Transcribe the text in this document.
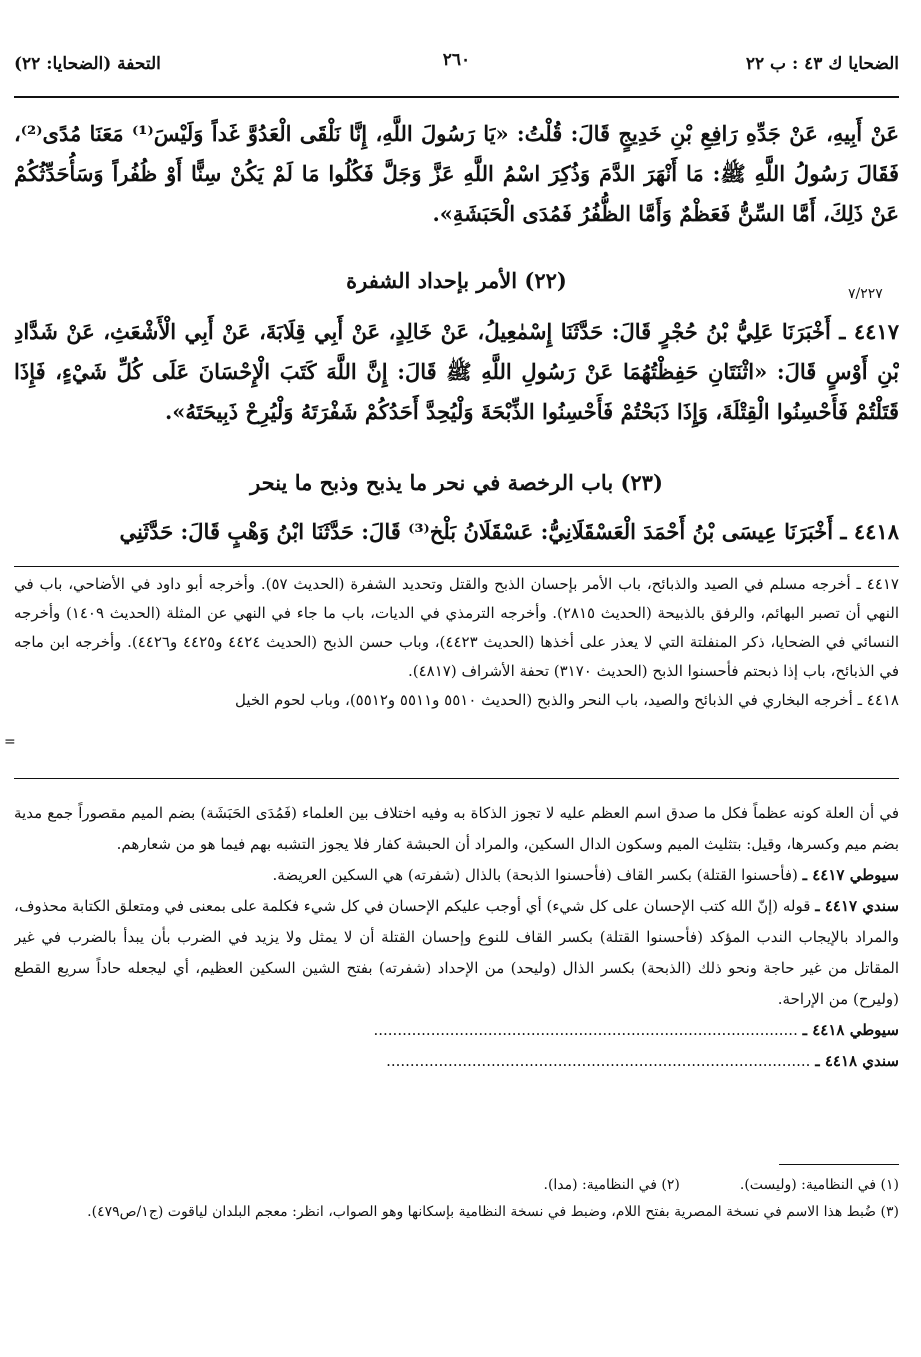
الضحايا ك ٤٣ : ب ٢٢
٢٦٠
التحفة (الضحايا: ٢٢)
عَنْ أَبِيهِ، عَنْ جَدِّهِ رَافِعِ بْنِ خَدِيجٍ قَالَ: قُلْتُ: «يَا رَسُولَ اللَّهِ، إِنَّا نَلْقَى الْعَدُوَّ غَداً وَلَيْسَ⁽¹⁾ مَعَنَا مُدًى⁽²⁾، فَقَالَ رَسُولُ اللَّهِ ﷺ: مَا أَنْهَرَ الدَّمَ وَذُكِرَ اسْمُ اللَّهِ عَزَّ وَجَلَّ فَكُلُوا مَا لَمْ يَكُنْ سِنًّا أَوْ ظُفُراً وَسَأُحَدِّثُكُمْ عَنْ ذَلِكَ، أَمَّا السِّنُّ فَعَظْمٌ وَأَمَّا الظُّفُرُ فَمُدَى الْحَبَشَةِ».
(٢٢) الأمر بإحداد الشفرة
٧/٢٢٧
٤٤١٧ ـ أَخْبَرَنَا عَلِيُّ بْنُ حُجْرٍ قَالَ: حَدَّثَنَا إِسْمٰعِيلُ، عَنْ خَالِدٍ، عَنْ أَبِي قِلَابَةَ، عَنْ أَبِي الْأَشْعَثِ، عَنْ شَدَّادِ بْنِ أَوْسٍ قَالَ: «اثْنَتَانِ حَفِظْتُهُمَا عَنْ رَسُولِ اللَّهِ ﷺ قَالَ: إِنَّ اللَّهَ كَتَبَ الْإِحْسَانَ عَلَى كُلِّ شَيْءٍ، فَإِذَا قَتَلْتُمْ فَأَحْسِنُوا الْقِتْلَةَ، وَإِذَا ذَبَحْتُمْ فَأَحْسِنُوا الذِّبْحَةَ وَلْيُحِدَّ أَحَدُكُمْ شَفْرَتَهُ وَلْيُرِحْ ذَبِيحَتَهُ».
(٢٣) باب الرخصة في نحر ما يذبح وذبح ما ينحر
٤٤١٨ ـ أَخْبَرَنَا عِيسَى بْنُ أَحْمَدَ الْعَسْقَلَانِيُّ: عَسْقَلَانُ بَلْخ⁽³⁾ قَالَ: حَدَّثَنَا ابْنُ وَهْبٍ قَالَ: حَدَّثَنِي

٤٤١٧ ـ أخرجه مسلم في الصيد والذبائح، باب الأمر بإحسان الذبح والقتل وتحديد الشفرة (الحديث ٥٧). وأخرجه أبو داود في الأضاحي، باب في النهي أن تصبر البهائم، والرفق بالذبيحة (الحديث ٢٨١٥). وأخرجه الترمذي في الديات، باب ما جاء في النهي عن المثلة (الحديث ١٤٠٩) وأخرجه النسائي في الضحايا، ذكر المنفلتة التي لا يعذر على أخذها (الحديث ٤٤٢٣)، وباب حسن الذبح (الحديث ٤٤٢٤ و٤٤٢٥ و٤٤٢٦). وأخرجه ابن ماجه في الذبائح، باب إذا ذبحتم فأحسنوا الذبح (الحديث ٣١٧٠) تحفة الأشراف (٤٨١٧).

٤٤١٨ ـ أخرجه البخاري في الذبائح والصيد، باب النحر والذبح (الحديث ٥٥١٠ و٥٥١١ و٥٥١٢)، وباب لحوم الخيل

=

في أن العلة كونه عظماً فكل ما صدق اسم العظم عليه لا تجوز الذكاة به وفيه اختلاف بين العلماء (فَمُدَى الحَبَشَة) بضم الميم مقصوراً جمع مدية بضم ميم وكسرها، وقيل: بتثليث الميم وسكون الدال السكين، والمراد أن الحبشة كفار فلا يجوز التشبه بهم فيما هو من شعارهم.

سيوطي ٤٤١٧ ـ (فأحسنوا القتلة) بكسر القاف (فأحسنوا الذبحة) بالذال (شفرته) هي السكين العريضة.

سندي ٤٤١٧ ـ قوله (إنّ الله كتب الإحسان على كل شيء) أي أوجب عليكم الإحسان في كل شيء فكلمة على بمعنى في ومتعلق الكتابة محذوف، والمراد بالإيجاب الندب المؤكد (فأحسنوا القتلة) بكسر القاف للنوع وإحسان القتلة أن لا يمثل ولا يزيد في الضرب بأن يبدأ بالضرب في غير المقاتل من غير حاجة ونحو ذلك (الذبحة) بكسر الذال (وليحد) من الإحداد (شفرته) بفتح الشين السكين العظيم، أي ليجعله حاداً سريع القطع (وليرح) من الإراحة.

سيوطي ٤٤١٨ ـ .........................................................................................

سندي ٤٤١٨ ـ .........................................................................................

(١) في النظامية: (وليست).
(٢) في النظامية: (مدا).
(٣) ضُبط هذا الاسم في نسخة المصرية بفتح اللام، وضبط في نسخة النظامية بإسكانها وهو الصواب، انظر: معجم البلدان لياقوت (ج١/ص٤٧٩).
